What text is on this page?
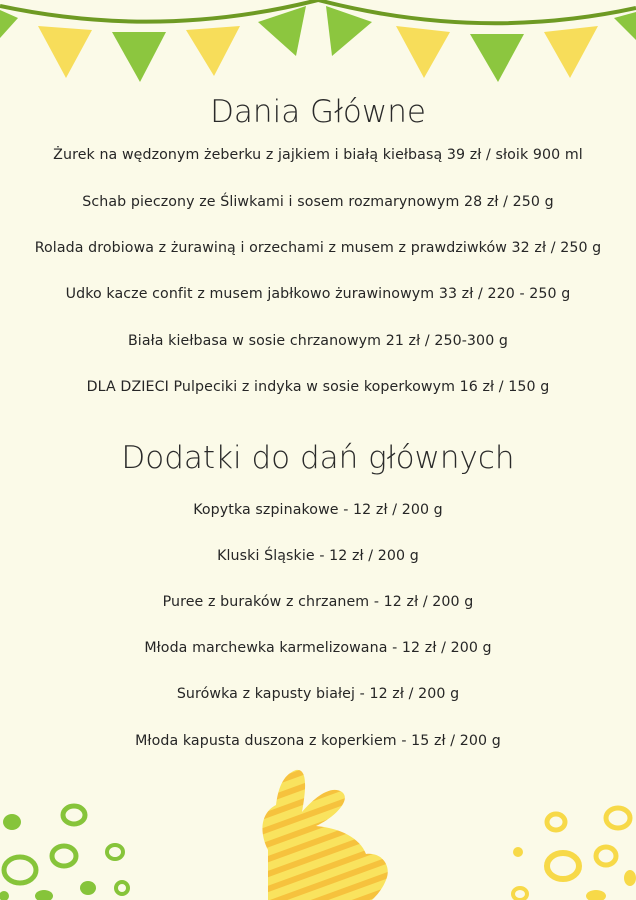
Dania Główne
Żurek na wędzonym żeberku z jajkiem i białą kiełbasą 39 zł / słoik 900 ml
Schab pieczony ze Śliwkami i sosem rozmarynowym 28 zł / 250 g
Rolada drobiowa z żurawiną i orzechami z musem z prawdziwków 32 zł / 250 g
Udko kacze confit z musem jabłkowo żurawinowym 33 zł / 220 - 250 g
Biała kiełbasa w sosie chrzanowym 21 zł / 250-300 g
DLA DZIECI Pulpeciki z indyka w sosie koperkowym 16 zł / 150 g
Dodatki do dań głównych
Kopytka szpinakowe - 12 zł / 200 g
Kluski Śląskie - 12 zł / 200 g
Puree z buraków z chrzanem - 12 zł / 200 g
Młoda marchewka karmelizowana - 12 zł / 200 g
Surówka z kapusty białej - 12 zł / 200 g
Młoda kapusta duszona z koperkiem - 15 zł / 200 g
